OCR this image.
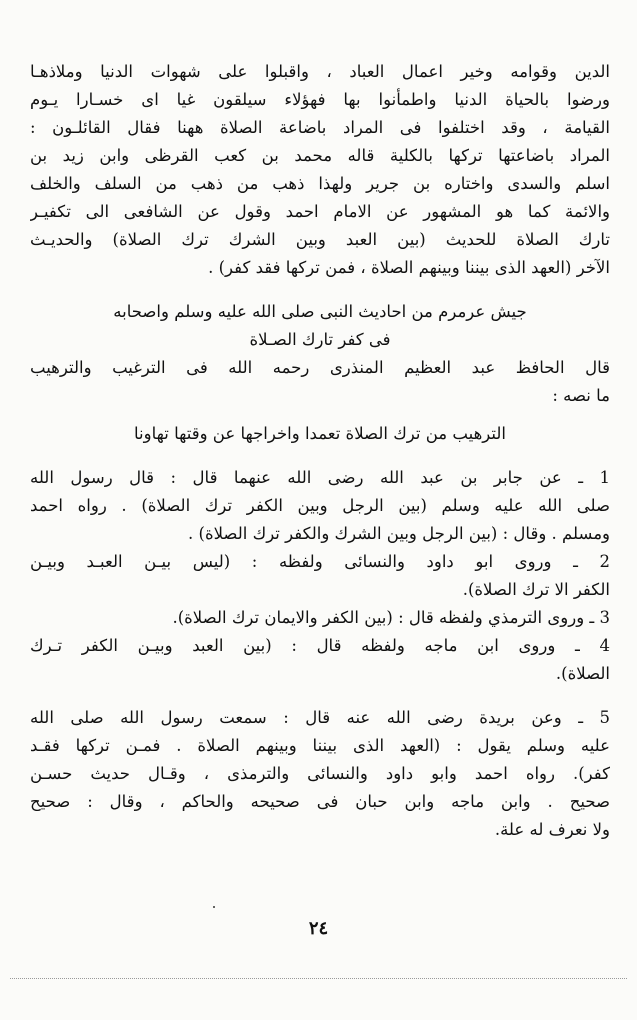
الدين وقوامه وخير اعمال العباد ، واقبلوا على شهوات الدنيا وملاذهـا
ورضوا بالحياة الدنيا واطمأنوا بها فهؤلاء سيلقون غيا اى خسـارا يـوم
القيامة ، وقد اختلفوا فى المراد باضاعة الصلاة ههنا فقال القائلـون :
المراد باضاعتها تركها بالكلية قاله محمد بن كعب القرظى وابن زيد بن
اسلم والسدى واختاره بن جرير ولهذا ذهب من ذهب من السلف والخلف
والائمة كما هو المشهور عن الامام احمد وقول عن الشافعى الى تكفيـر
تارك الصلاة للحديث (بين العبد وبين الشرك ترك الصلاة) والحديـث
الآخر (العهد الذى بيننا وبينهم الصلاة ، فمن تركها فقد كفر) .
جيش عرمرم من احاديث النبى صلى الله عليه وسلم واصحابه
فى كفر تارك الصـلاة
قال الحافظ عبد العظيم المنذرى رحمه الله فى الترغيب والترهيب
ما نصه :
الترهيب من ترك الصلاة تعمدا واخراجها عن وقتها تهاونا
1 ـ عن جابر بن عبد الله رضى الله عنهما قال : قال رسول الله
صلى الله عليه وسلم (بين الرجل وبين الكفر ترك الصلاة) . رواه احمد
ومسلم . وقال : (بين الرجل وبين الشرك والكفر ترك الصلاة) .
2 ـ وروى ابو داود والنسائى ولفظه : (ليس بيـن العبـد وبيـن
الكفر الا ترك الصلاة).
3 ـ وروى الترمذي ولفظه قال : (بين الكفر والايمان ترك الصلاة).
4 ـ وروى ابن ماجه ولفظه قال : (بين العبد وبيـن الكفر تـرك
الصلاة).
5 ـ وعن بريدة رضى الله عنه قال : سمعت رسول الله صلى الله
عليه وسلم يقول : (العهد الذى بيننا وبينهم الصلاة . فمـن تركها فقـد
كفر). رواه احمد وابو داود والنسائى والترمذى ، وقـال حديث حسـن
صحيح . وابن ماجه وابن حبان فى صحيحه والحاكم ، وقال : صحيح
ولا نعرف له علة.
٢٤
